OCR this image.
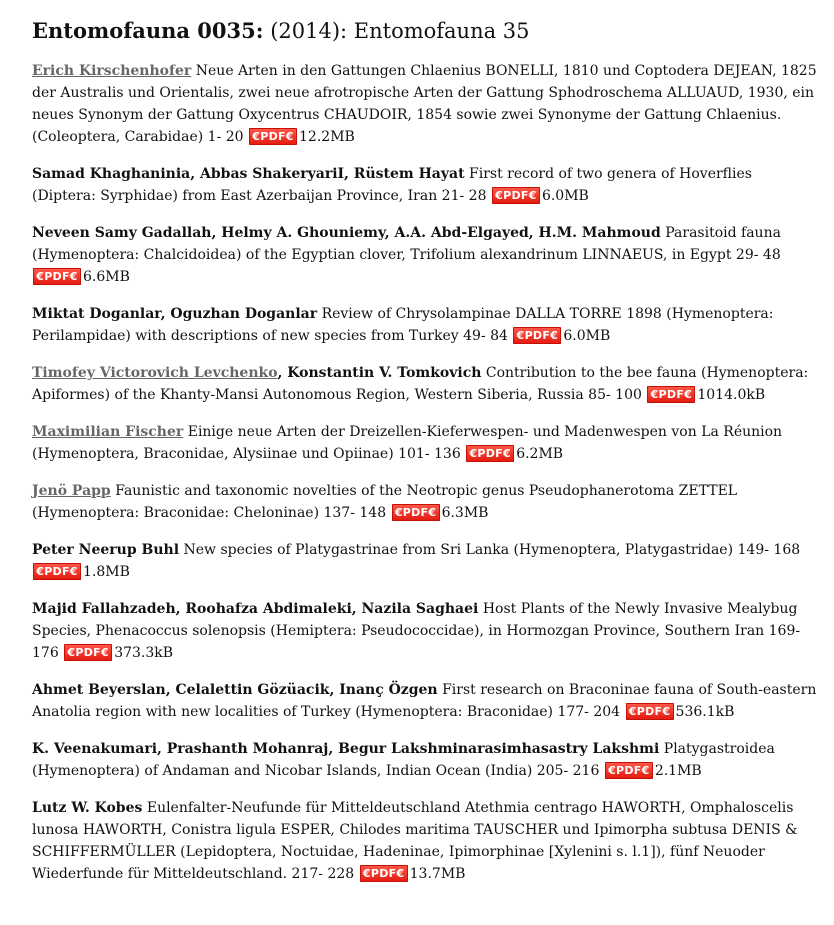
Entomofauna 0035: (2014): Entomofauna 35
Erich Kirschenhofer Neue Arten in den Gattungen Chlaenius BONELLI, 1810 und Coptodera DEJEAN, 1825 der Australis und Orientalis, zwei neue afrotropische Arten der Gattung Sphodroschema ALLUAUD, 1930, ein neues Synonym der Gattung Oxycentrus CHAUDOIR, 1854 sowie zwei Synonyme der Gattung Chlaenius. (Coleoptera, Carabidae) 1- 20 €PDF€ 12.2MB
Samad Khaghaninia, Abbas ShakeryariI, Rüstem Hayat First record of two genera of Hoverflies (Diptera: Syrphidae) from East Azerbaijan Province, Iran 21- 28 €PDF€ 6.0MB
Neveen Samy Gadallah, Helmy A. Ghouniemy, A.A. Abd-Elgayed, H.M. Mahmoud Parasitoid fauna (Hymenoptera: Chalcidoidea) of the Egyptian clover, Trifolium alexandrinum LINNAEUS, in Egypt 29- 48 €PDF€ 6.6MB
Miktat Doganlar, Oguzhan Doganlar Review of Chrysolampinae DALLA TORRE 1898 (Hymenoptera: Perilampidae) with descriptions of new species from Turkey 49- 84 €PDF€ 6.0MB
Timofey Victorovich Levchenko, Konstantin V. Tomkovich Contribution to the bee fauna (Hymenoptera: Apiformes) of the Khanty-Mansi Autonomous Region, Western Siberia, Russia 85- 100 €PDF€ 1014.0kB
Maximilian Fischer Einige neue Arten der Dreizellen-Kieferwespen- und Madenwespen von La Réunion (Hymenoptera, Braconidae, Alysiinae und Opiinae) 101- 136 €PDF€ 6.2MB
Jenö Papp Faunistic and taxonomic novelties of the Neotropic genus Pseudophanerotoma ZETTEL (Hymenoptera: Braconidae: Cheloninae) 137- 148 €PDF€ 6.3MB
Peter Neerup Buhl New species of Platygastrinae from Sri Lanka (Hymenoptera, Platygastridae) 149- 168 €PDF€ 1.8MB
Majid Fallahzadeh, Roohafza Abdimaleki, Nazila Saghaei Host Plants of the Newly Invasive Mealybug Species, Phenacoccus solenopsis (Hemiptera: Pseudococcidae), in Hormozgan Province, Southern Iran 169- 176 €PDF€ 373.3kB
Ahmet Beyerslan, Celalettin Gözüacik, Inanç Özgen First research on Braconinae fauna of South-eastern Anatolia region with new localities of Turkey (Hymenoptera: Braconidae) 177- 204 €PDF€ 536.1kB
K. Veenakumari, Prashanth Mohanraj, Begur Lakshminarasimhasastry Lakshmi Platygastroidea (Hymenoptera) of Andaman and Nicobar Islands, Indian Ocean (India) 205- 216 €PDF€ 2.1MB
Lutz W. Kobes Eulenfalter-Neufunde für Mitteldeutschland Atethmia centrago HAWORTH, Omphaloscelis lunosa HAWORTH, Conistra ligula ESPER, Chilodes maritima TAUSCHER und Ipimorpha subtusa DENIS & SCHIFFERMÜLLER (Lepidoptera, Noctuidae, Hadeninae, Ipimorphinae [Xylenini s. l.1]), fünf Neuoder Wiederfunde für Mitteldeutschland. 217- 228 €PDF€ 13.7MB
